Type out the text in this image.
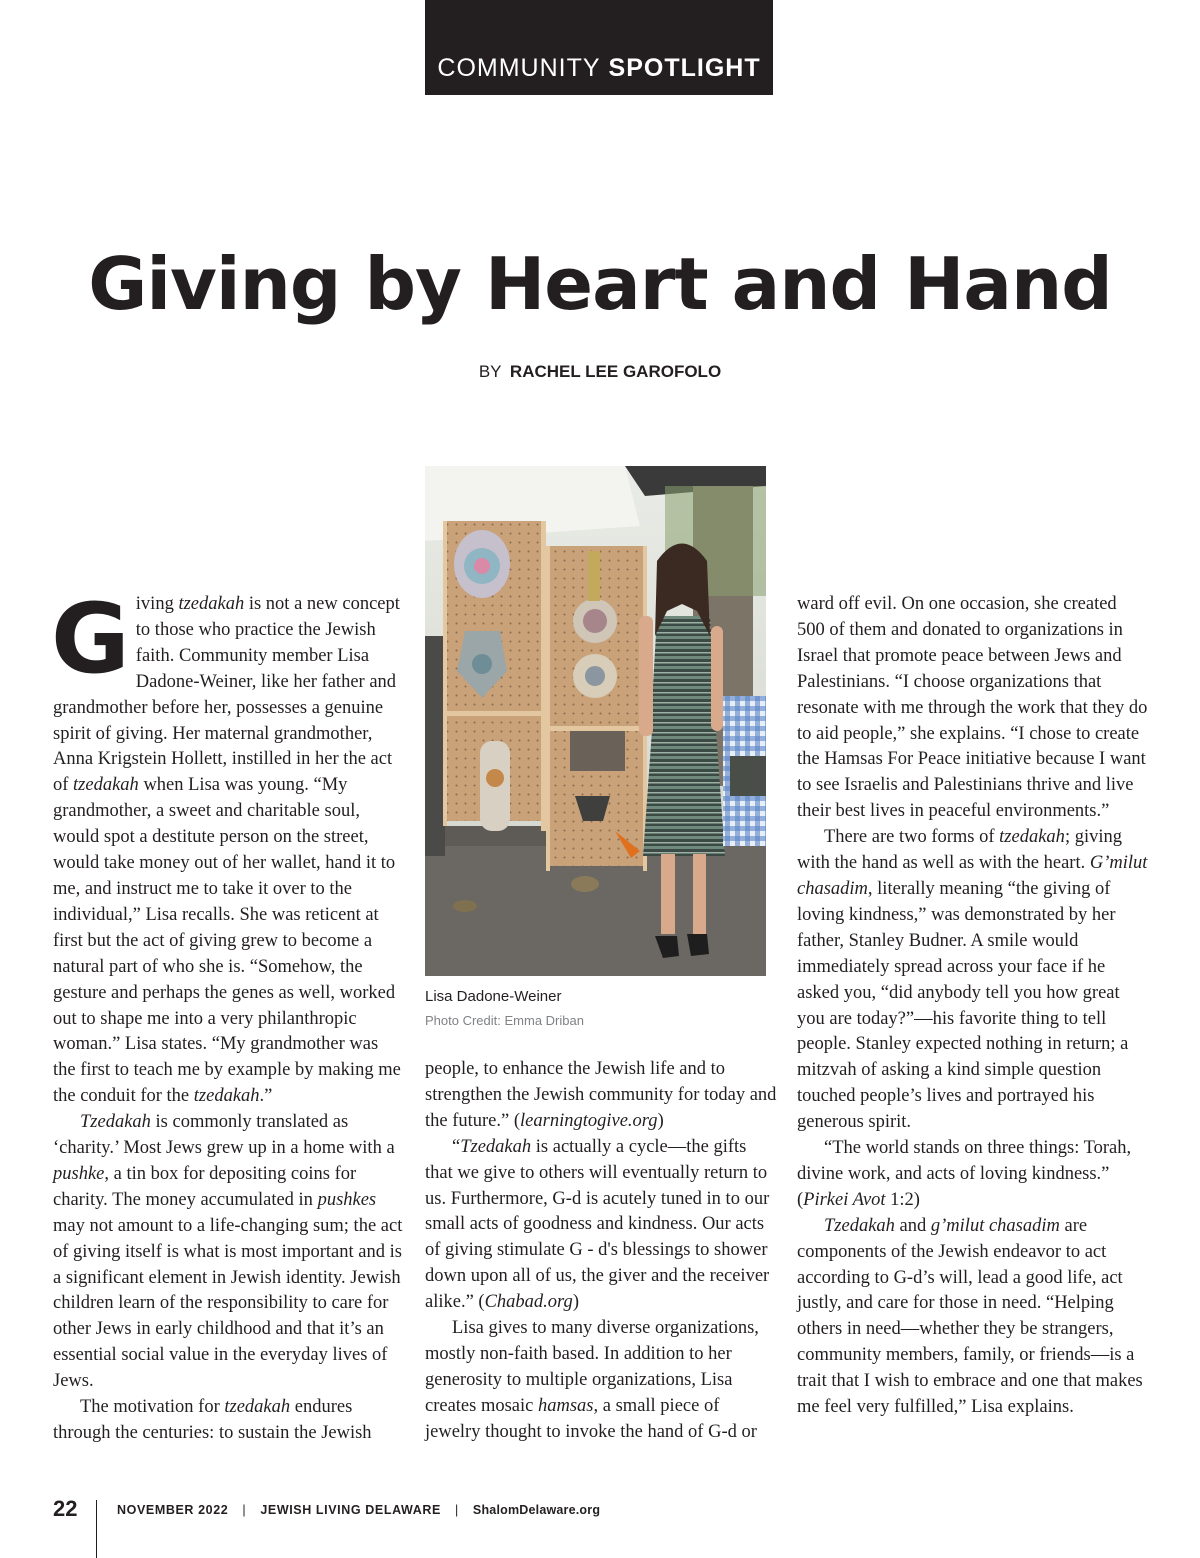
COMMUNITY SPOTLIGHT
Giving by Heart and Hand
BY RACHEL LEE GAROFOLO

Giving tzedakah is not a new concept to those who practice the Jewish faith. Community member Lisa Dadone-Weiner, like her father and grandmother before her, possesses a genuine spirit of giving. Her maternal grandmother, Anna Krigstein Hollett, instilled in her the act of tzedakah when Lisa was young. “My grandmother, a sweet and charitable soul, would spot a destitute person on the street, would take money out of her wallet, hand it to me, and instruct me to take it over to the individual,” Lisa recalls. She was reticent at first but the act of giving grew to become a natural part of who she is. “Somehow, the gesture and perhaps the genes as well, worked out to shape me into a very philanthropic woman.” Lisa states. “My grandmother was the first to teach me by example by making me the conduit for the tzedakah.”

Tzedakah is commonly translated as ‘charity.’ Most Jews grew up in a home with a pushke, a tin box for depositing coins for charity. The money accumulated in pushkes may not amount to a life-changing sum; the act of giving itself is what is most important and is a significant element in Jewish identity. Jewish children learn of the responsibility to care for other Jews in early childhood and that it’s an essential social value in the everyday lives of Jews.

The motivation for tzedakah endures through the centuries: to sustain the Jewish

Lisa Dadone-Weiner
Photo Credit: Emma Driban

people, to enhance the Jewish life and to strengthen the Jewish community for today and the future.” (learningtogive.org)

“Tzedakah is actually a cycle—the gifts that we give to others will eventually return to us. Furthermore, G-d is acutely tuned in to our small acts of goodness and kindness. Our acts of giving stimulate G - d's blessings to shower down upon all of us, the giver and the receiver alike.” (Chabad.org)

Lisa gives to many diverse organizations, mostly non-faith based. In addition to her generosity to multiple organizations, Lisa creates mosaic hamsas, a small piece of jewelry thought to invoke the hand of G-d or

ward off evil. On one occasion, she created 500 of them and donated to organizations in Israel that promote peace between Jews and Palestinians. “I choose organizations that resonate with me through the work that they do to aid people,” she explains. “I chose to create the Hamsas For Peace initiative because I want to see Israelis and Palestinians thrive and live their best lives in peaceful environments.”

There are two forms of tzedakah; giving with the hand as well as with the heart. G’milut chasadim, literally meaning “the giving of loving kindness,” was demonstrated by her father, Stanley Budner. A smile would immediately spread across your face if he asked you, “did anybody tell you how great you are today?”—his favorite thing to tell people. Stanley expected nothing in return; a mitzvah of asking a kind simple question touched people’s lives and portrayed his generous spirit.

“The world stands on three things: Torah, divine work, and acts of loving kindness.” (Pirkei Avot 1:2)

Tzedakah and g’milut chasadim are components of the Jewish endeavor to act according to G-d’s will, lead a good life, act justly, and care for those in need. “Helping others in need—whether they be strangers, community members, family, or friends—is a trait that I wish to embrace and one that makes me feel very fulfilled,” Lisa explains.

22	NOVEMBER 2022 | JEWISH LIVING DELAWARE | ShalomDelaware.org
